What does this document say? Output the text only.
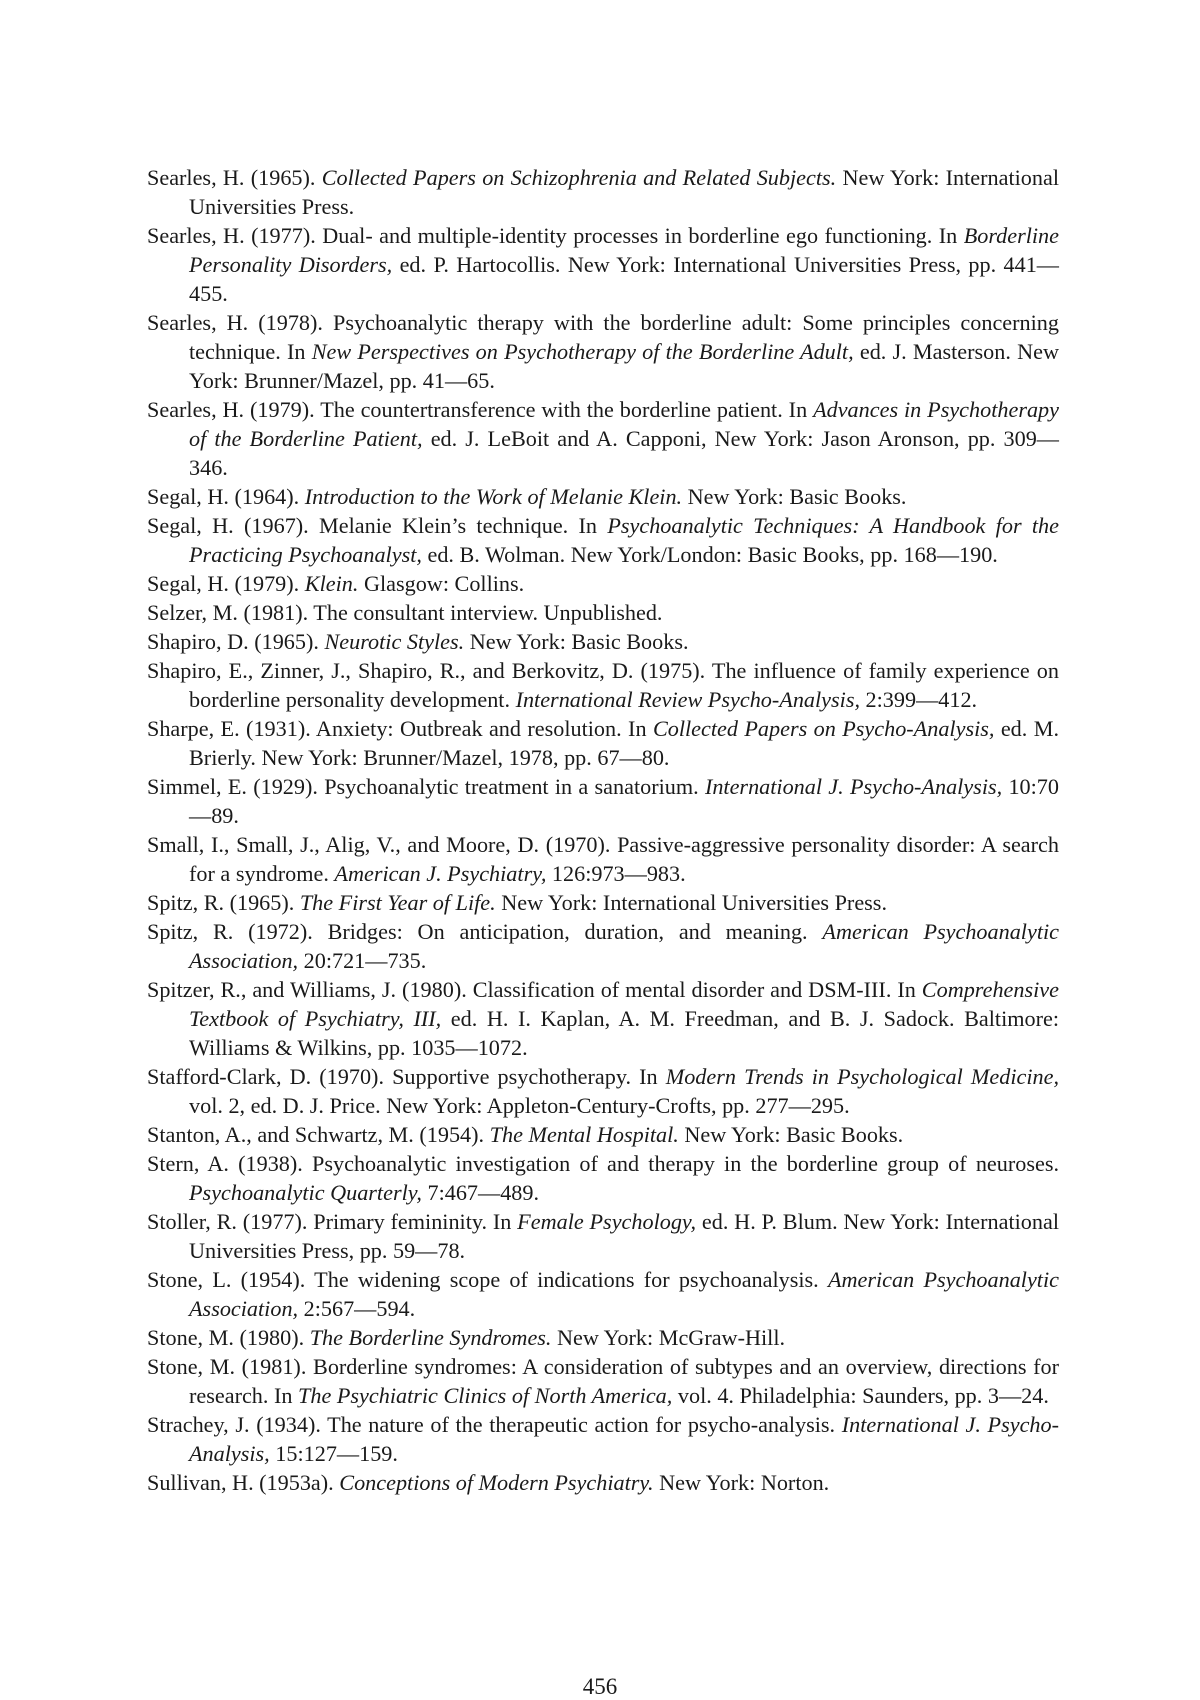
Searles, H. (1965). Collected Papers on Schizophrenia and Related Subjects. New York: International Universities Press.
Searles, H. (1977). Dual- and multiple-identity processes in borderline ego functioning. In Borderline Personality Disorders, ed. P. Hartocollis. New York: International Universities Press, pp. 441—455.
Searles, H. (1978). Psychoanalytic therapy with the borderline adult: Some principles concerning technique. In New Perspectives on Psychotherapy of the Borderline Adult, ed. J. Masterson. New York: Brunner/Mazel, pp. 41—65.
Searles, H. (1979). The countertransference with the borderline patient. In Advances in Psychotherapy of the Borderline Patient, ed. J. LeBoit and A. Capponi, New York: Jason Aronson, pp. 309—346.
Segal, H. (1964). Introduction to the Work of Melanie Klein. New York: Basic Books.
Segal, H. (1967). Melanie Klein’s technique. In Psychoanalytic Techniques: A Handbook for the Practicing Psychoanalyst, ed. B. Wolman. New York/London: Basic Books, pp. 168—190.
Segal, H. (1979). Klein. Glasgow: Collins.
Selzer, M. (1981). The consultant interview. Unpublished.
Shapiro, D. (1965). Neurotic Styles. New York: Basic Books.
Shapiro, E., Zinner, J., Shapiro, R., and Berkovitz, D. (1975). The influence of family experience on borderline personality development. International Review Psycho-Analysis, 2:399—412.
Sharpe, E. (1931). Anxiety: Outbreak and resolution. In Collected Papers on Psycho-Analysis, ed. M. Brierly. New York: Brunner/Mazel, 1978, pp. 67—80.
Simmel, E. (1929). Psychoanalytic treatment in a sanatorium. International J. Psycho-Analysis, 10:70—89.
Small, I., Small, J., Alig, V., and Moore, D. (1970). Passive-aggressive personality disorder: A search for a syndrome. American J. Psychiatry, 126:973—983.
Spitz, R. (1965). The First Year of Life. New York: International Universities Press.
Spitz, R. (1972). Bridges: On anticipation, duration, and meaning. American Psychoanalytic Association, 20:721—735.
Spitzer, R., and Williams, J. (1980). Classification of mental disorder and DSM-III. In Comprehensive Textbook of Psychiatry, III, ed. H. I. Kaplan, A. M. Freedman, and B. J. Sadock. Baltimore: Williams & Wilkins, pp. 1035—1072.
Stafford-Clark, D. (1970). Supportive psychotherapy. In Modern Trends in Psychological Medicine, vol. 2, ed. D. J. Price. New York: Appleton-Century-Crofts, pp. 277—295.
Stanton, A., and Schwartz, M. (1954). The Mental Hospital. New York: Basic Books.
Stern, A. (1938). Psychoanalytic investigation of and therapy in the borderline group of neuroses. Psychoanalytic Quarterly, 7:467—489.
Stoller, R. (1977). Primary femininity. In Female Psychology, ed. H. P. Blum. New York: International Universities Press, pp. 59—78.
Stone, L. (1954). The widening scope of indications for psychoanalysis. American Psychoanalytic Association, 2:567—594.
Stone, M. (1980). The Borderline Syndromes. New York: McGraw-Hill.
Stone, M. (1981). Borderline syndromes: A consideration of subtypes and an overview, directions for research. In The Psychiatric Clinics of North America, vol. 4. Philadelphia: Saunders, pp. 3—24.
Strachey, J. (1934). The nature of the therapeutic action for psycho-analysis. International J. Psycho-Analysis, 15:127—159.
Sullivan, H. (1953a). Conceptions of Modern Psychiatry. New York: Norton.
456
